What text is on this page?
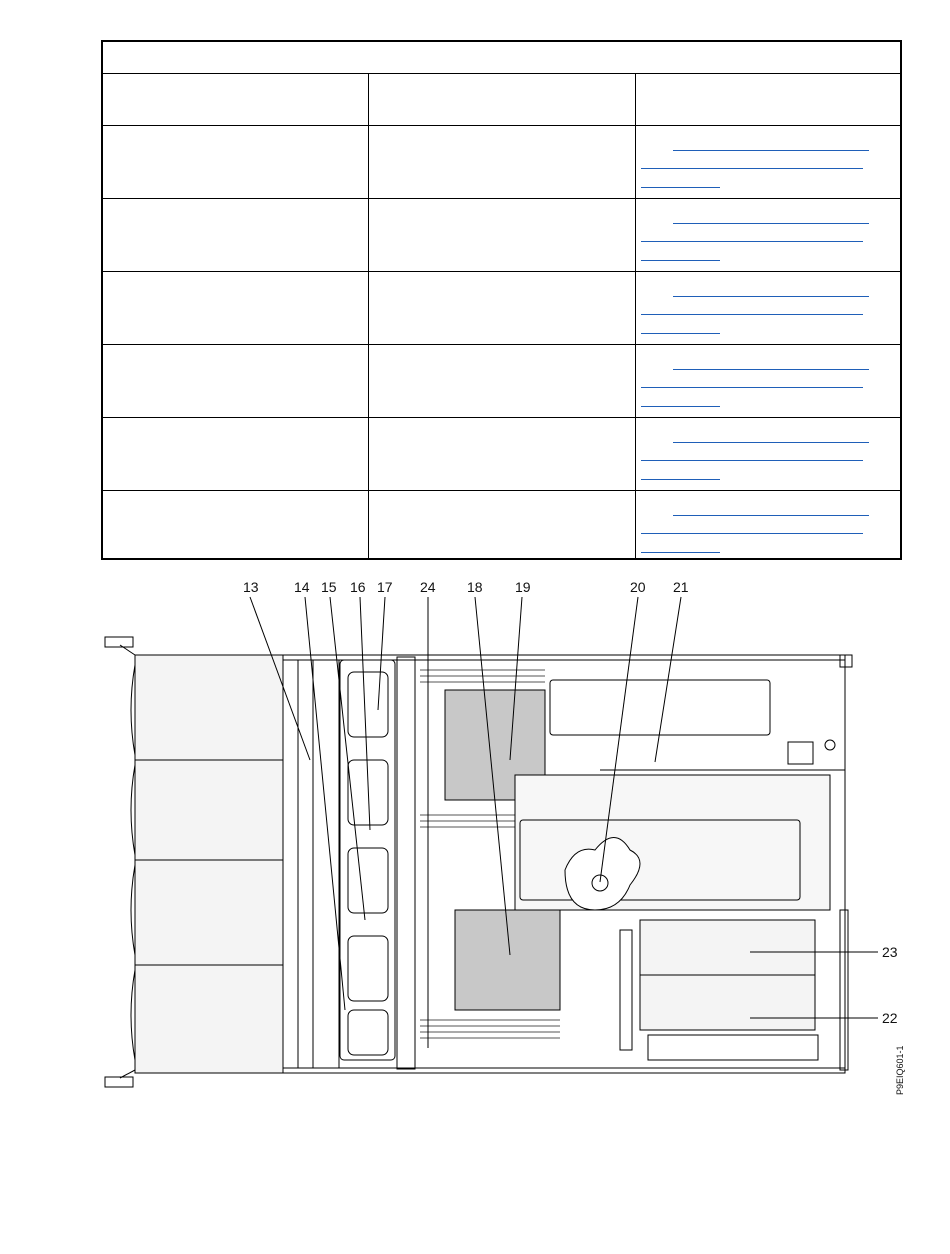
13	14 15 16 17 24 18 19	20 21
23
22
P9EIQ601-1
